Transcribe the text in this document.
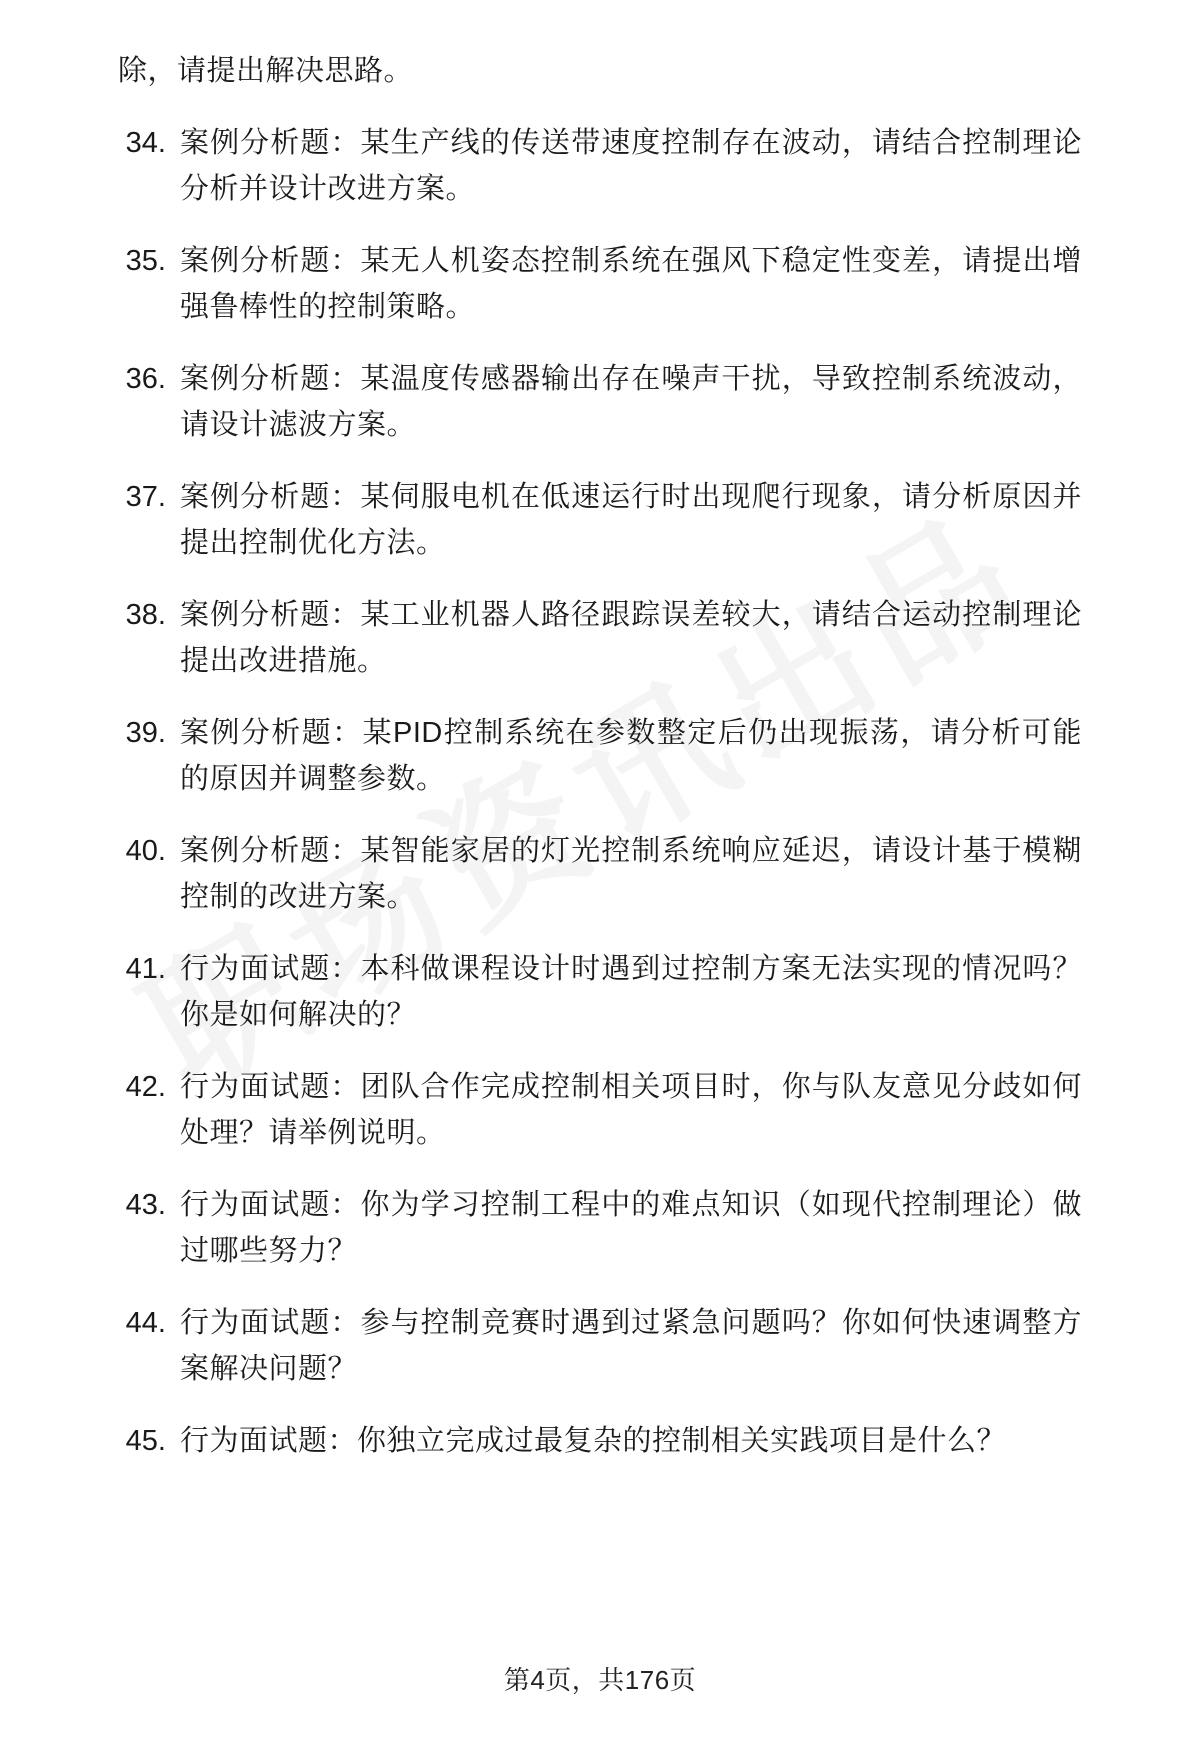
除，请提出解决思路。

34. 案例分析题：某生产线的传送带速度控制存在波动，请结合控制理论分析并设计改进方案。
35. 案例分析题：某无人机姿态控制系统在强风下稳定性变差，请提出增强鲁棒性的控制策略。
36. 案例分析题：某温度传感器输出存在噪声干扰，导致控制系统波动，请设计滤波方案。
37. 案例分析题：某伺服电机在低速运行时出现爬行现象，请分析原因并提出控制优化方法。
38. 案例分析题：某工业机器人路径跟踪误差较大，请结合运动控制理论提出改进措施。
39. 案例分析题：某PID控制系统在参数整定后仍出现振荡，请分析可能的原因并调整参数。
40. 案例分析题：某智能家居的灯光控制系统响应延迟，请设计基于模糊控制的改进方案。
41. 行为面试题：本科做课程设计时遇到过控制方案无法实现的情况吗？你是如何解决的？
42. 行为面试题：团队合作完成控制相关项目时，你与队友意见分歧如何处理？请举例说明。
43. 行为面试题：你为学习控制工程中的难点知识（如现代控制理论）做过哪些努力？
44. 行为面试题：参与控制竞赛时遇到过紧急问题吗？你如何快速调整方案解决问题？
45. 行为面试题：你独立完成过最复杂的控制相关实践项目是什么？
第4页，共176页
